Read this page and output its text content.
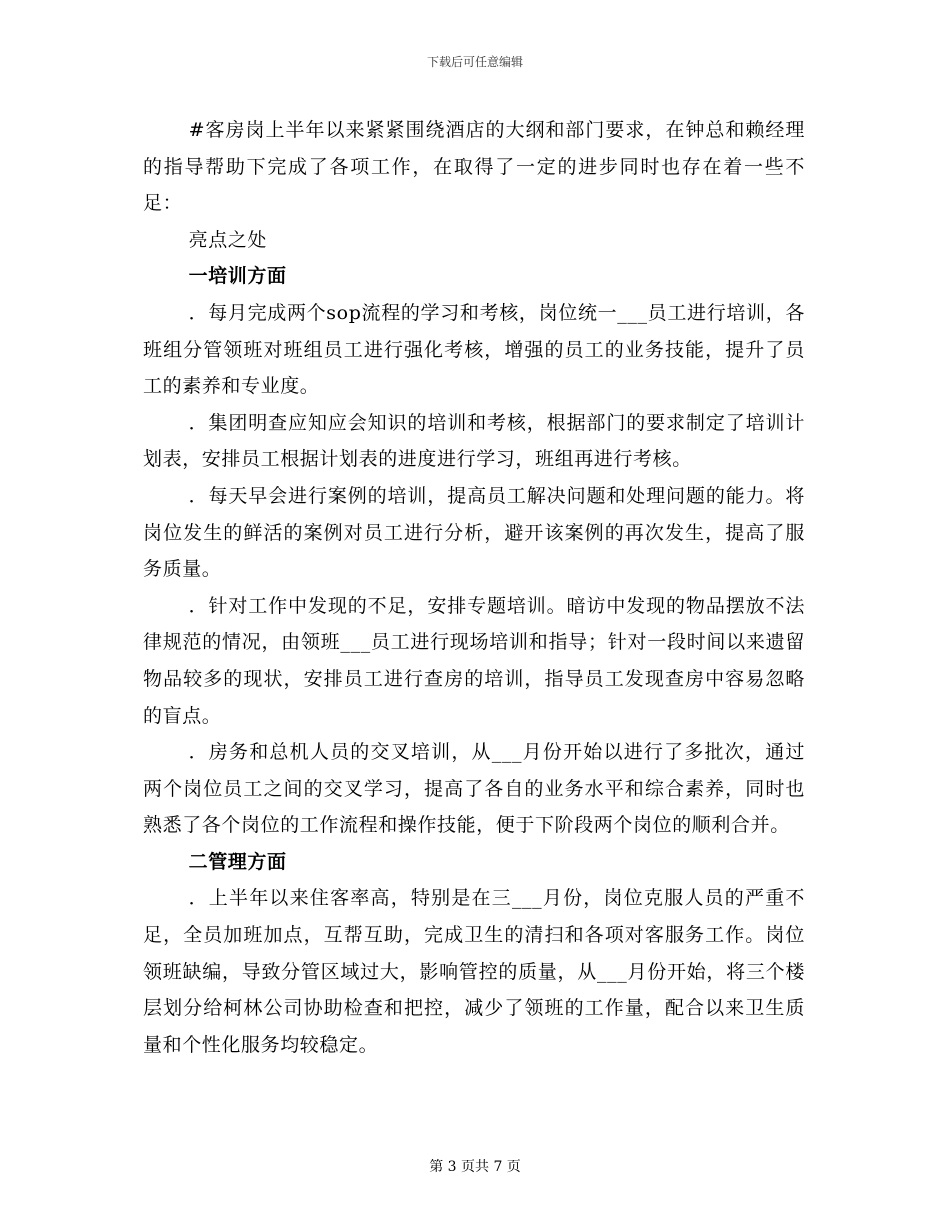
下载后可任意编辑

#客房岗上半年以来紧紧围绕酒店的大纲和部门要求，在钟总和赖经理的指导帮助下完成了各项工作，在取得了一定的进步同时也存在着一些不足：

亮点之处

一培训方面

．每月完成两个sop流程的学习和考核，岗位统一___员工进行培训，各班组分管领班对班组员工进行强化考核，增强的员工的业务技能，提升了员工的素养和专业度。

．集团明查应知应会知识的培训和考核，根据部门的要求制定了培训计划表，安排员工根据计划表的进度进行学习，班组再进行考核。

．每天早会进行案例的培训，提高员工解决问题和处理问题的能力。将岗位发生的鲜活的案例对员工进行分析，避开该案例的再次发生，提高了服务质量。

．针对工作中发现的不足，安排专题培训。暗访中发现的物品摆放不法律规范的情况，由领班___员工进行现场培训和指导；针对一段时间以来遗留物品较多的现状，安排员工进行查房的培训，指导员工发现查房中容易忽略的盲点。

．房务和总机人员的交叉培训，从___月份开始以进行了多批次，通过两个岗位员工之间的交叉学习，提高了各自的业务水平和综合素养，同时也熟悉了各个岗位的工作流程和操作技能，便于下阶段两个岗位的顺利合并。

二管理方面

．上半年以来住客率高，特别是在三___月份，岗位克服人员的严重不足，全员加班加点，互帮互助，完成卫生的清扫和各项对客服务工作。岗位领班缺编，导致分管区域过大，影响管控的质量，从___月份开始，将三个楼层划分给柯林公司协助检查和把控，减少了领班的工作量，配合以来卫生质量和个性化服务均较稳定。

第 3 页共 7 页
